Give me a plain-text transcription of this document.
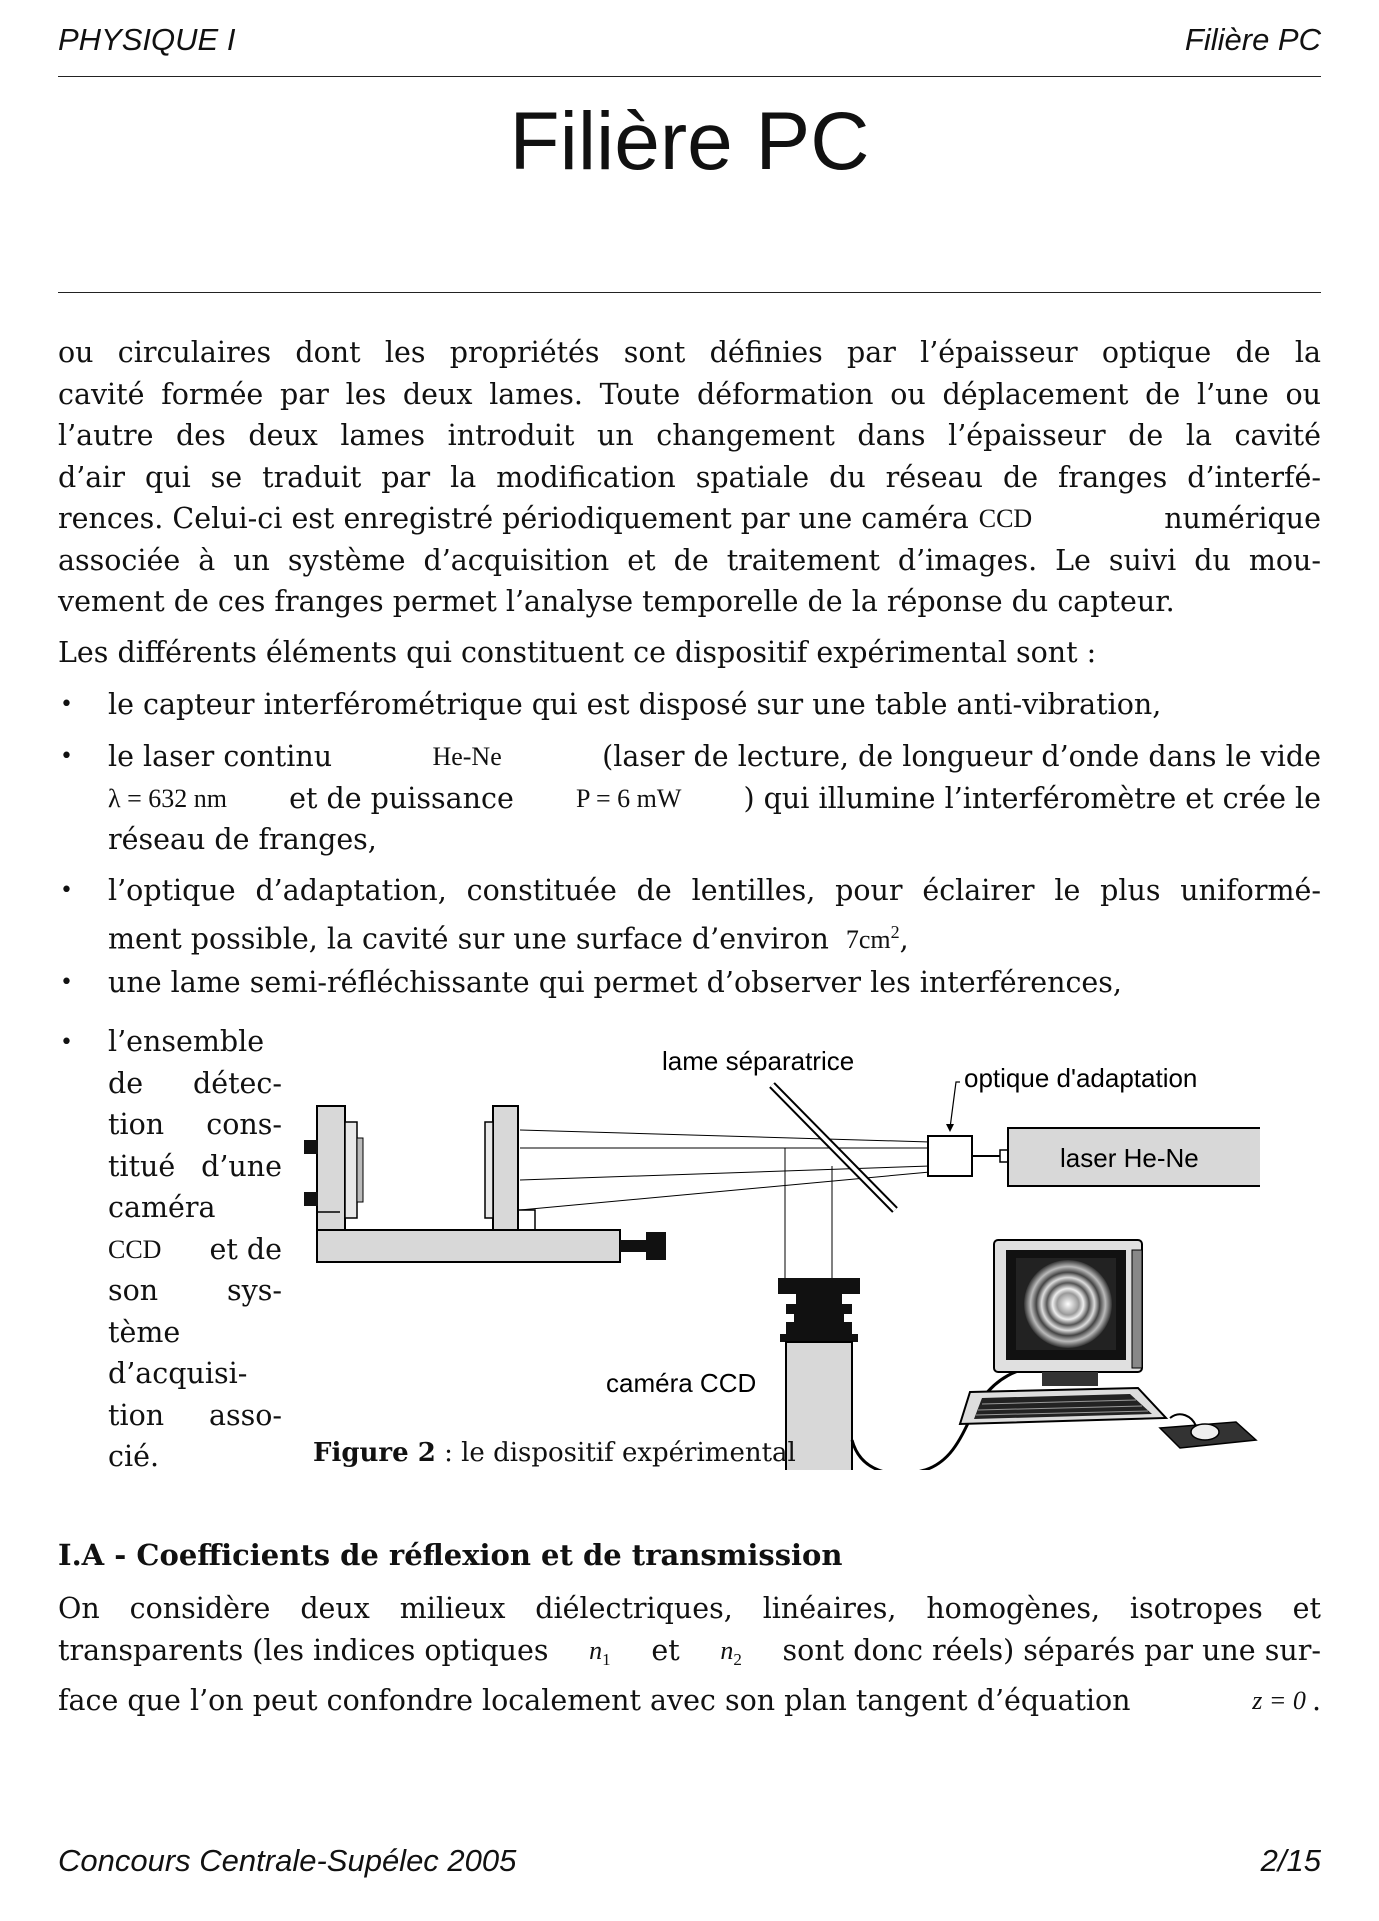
PHYSIQUE I	Filière PC
Filière PC
ou circulaires dont les propriétés sont définies par l’épaisseur optique de la
cavité formée par les deux lames. Toute déformation ou déplacement de l’une ou
l’autre des deux lames introduit un changement dans l’épaisseur de la cavité
d’air qui se traduit par la modification spatiale du réseau de franges d’interfé-
rences. Celui-ci est enregistré périodiquement par une caméra CCD	numérique
associée à un système d’acquisition et de traitement d’images. Le suivi du mou-
vement de ces franges permet l’analyse temporelle de la réponse du capteur.
Les différents éléments qui constituent ce dispositif expérimental sont :
• le capteur interférométrique qui est disposé sur une table anti-vibration,
• le laser continu	He-Ne	(laser de lecture, de longueur d’onde dans le vide
λ = 632 nm et de puissance P = 6 mW ) qui illumine l’interféromètre et crée le
réseau de franges,
• l’optique d’adaptation, constituée de lentilles, pour éclairer le plus uniformé-
ment possible, la cavité sur une surface d’environ $7cm^2$,
• une lame semi-réfléchissante qui permet d’observer les interférences,
• l’ensemble
de détec-
tion cons-
titué d’une
caméra
CCD et de
son sys-
tème
d’acquisi-
tion asso-
cié.
lame séparatrice
optique d'adaptation
laser He-Ne
caméra CCD
Figure 2 : le dispositif expérimental
I.A - Coefficients de réflexion et de transmission
On considère deux milieux diélectriques, linéaires, homogènes, isotropes et
transparents (les indices optiques $n_1$ et $n_2$ sont donc réels) séparés par une sur-
face que l’on peut confondre localement avec son plan tangent d’équation	z = 0 .
Concours Centrale-Supélec 2005	2/15
